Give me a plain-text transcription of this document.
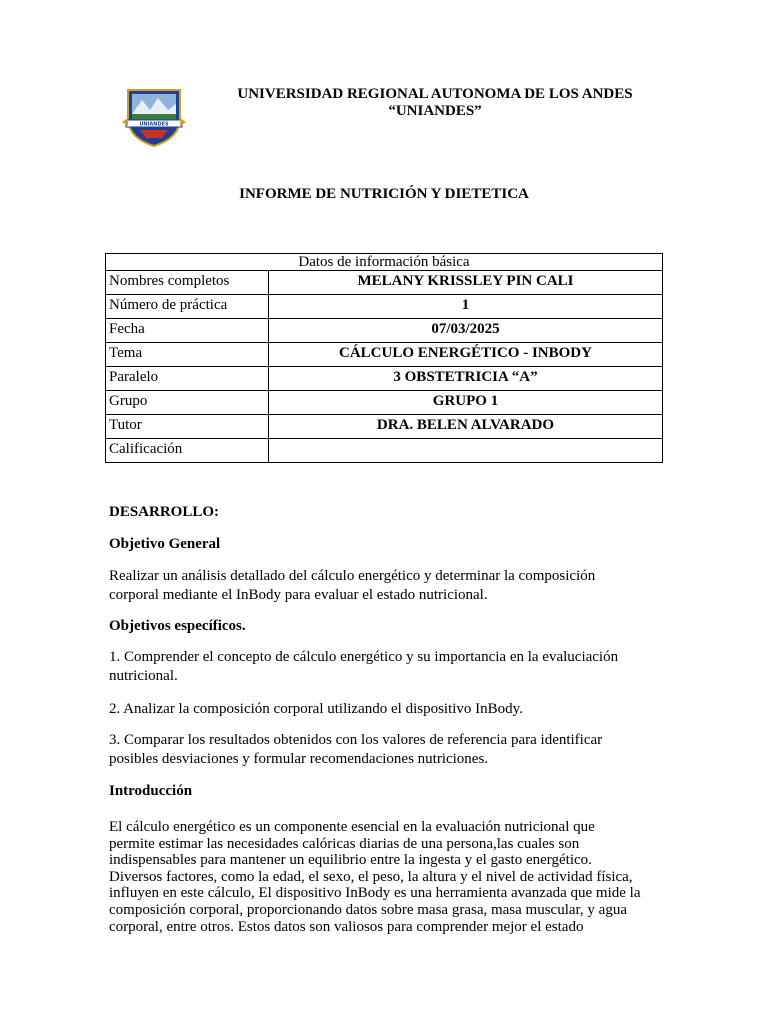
UNIANDES
UNIVERSIDAD REGIONAL AUTONOMA DE LOS ANDES
“UNIANDES”
INFORME DE NUTRICIÓN Y DIETETICA
Datos de información básica	
Nombres completos	MELANY KRISSLEY PIN CALI
Número de práctica	1
Fecha	07/03/2025
Tema	CÁLCULO ENERGÉTICO - INBODY
Paralelo	3 OBSTETRICIA “A”
Grupo	GRUPO 1
Tutor	DRA. BELEN ALVARADO
Calificación	
DESARROLLO:
Objetivo General
Realizar un análisis detallado del cálculo energético y determinar la composición
corporal mediante el InBody para evaluar el estado nutricional.
Objetivos específicos.
1. Comprender el concepto de cálculo energético y su importancia en la evaluciación
nutricional.
2. Analizar la composición corporal utilizando el dispositivo InBody.
3. Comparar los resultados obtenidos con los valores de referencia para identificar
posibles desviaciones y formular recomendaciones nutriciones.
Introducción
El cálculo energético es un componente esencial en la evaluación nutricional que
permite estimar las necesidades calóricas diarias de una persona,las cuales son
indispensables para mantener un equilibrio entre la ingesta y el gasto energético.
Diversos factores, como la edad, el sexo, el peso, la altura y el nivel de actividad física,
influyen en este cálculo, El dispositivo InBody es una herramienta avanzada que mide la
composición corporal, proporcionando datos sobre masa grasa, masa muscular, y agua
corporal, entre otros. Estos datos son valiosos para comprender mejor el estado
